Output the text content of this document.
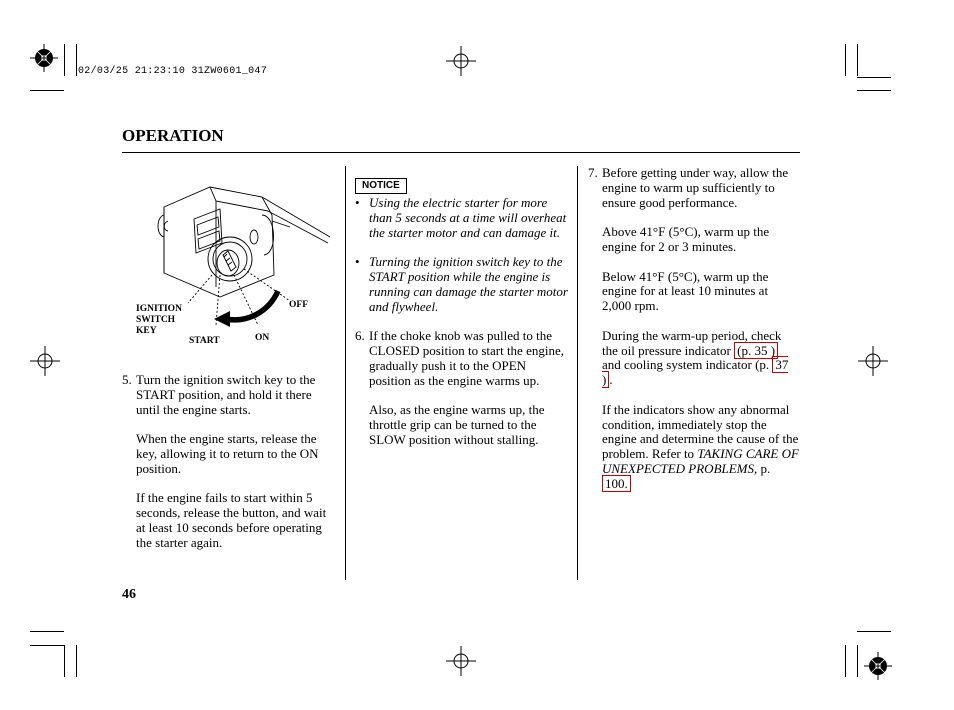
02/03/25 21:23:10 31ZW0601_047
OPERATION
IGNITION
SWITCH
KEY
OFF
ON
START
5. Turn the ignition switch key to the START position, and hold it there until the engine starts.
When the engine starts, release the key, allowing it to return to the ON position.
If the engine fails to start within 5 seconds, release the button, and wait at least 10 seconds before operating the starter again.
NOTICE
• Using the electric starter for more than 5 seconds at a time will overheat the starter motor and can damage it.
• Turning the ignition switch key to the START position while the engine is running can damage the starter motor and flywheel.
6. If the choke knob was pulled to the CLOSED position to start the engine, gradually push it to the OPEN position as the engine warms up.
Also, as the engine warms up, the throttle grip can be turned to the SLOW position without stalling.
7. Before getting under way, allow the engine to warm up sufficiently to ensure good performance.
Above 41°F (5°C), warm up the engine for 2 or 3 minutes.
Below 41°F (5°C), warm up the engine for at least 10 minutes at 2,000 rpm.
During the warm-up period, check the oil pressure indicator (p. 35 ) and cooling system indicator (p. 37 ) .
If the indicators show any abnormal condition, immediately stop the engine and determine the cause of the problem. Refer to TAKING CARE OF UNEXPECTED PROBLEMS, p. 100.
46
